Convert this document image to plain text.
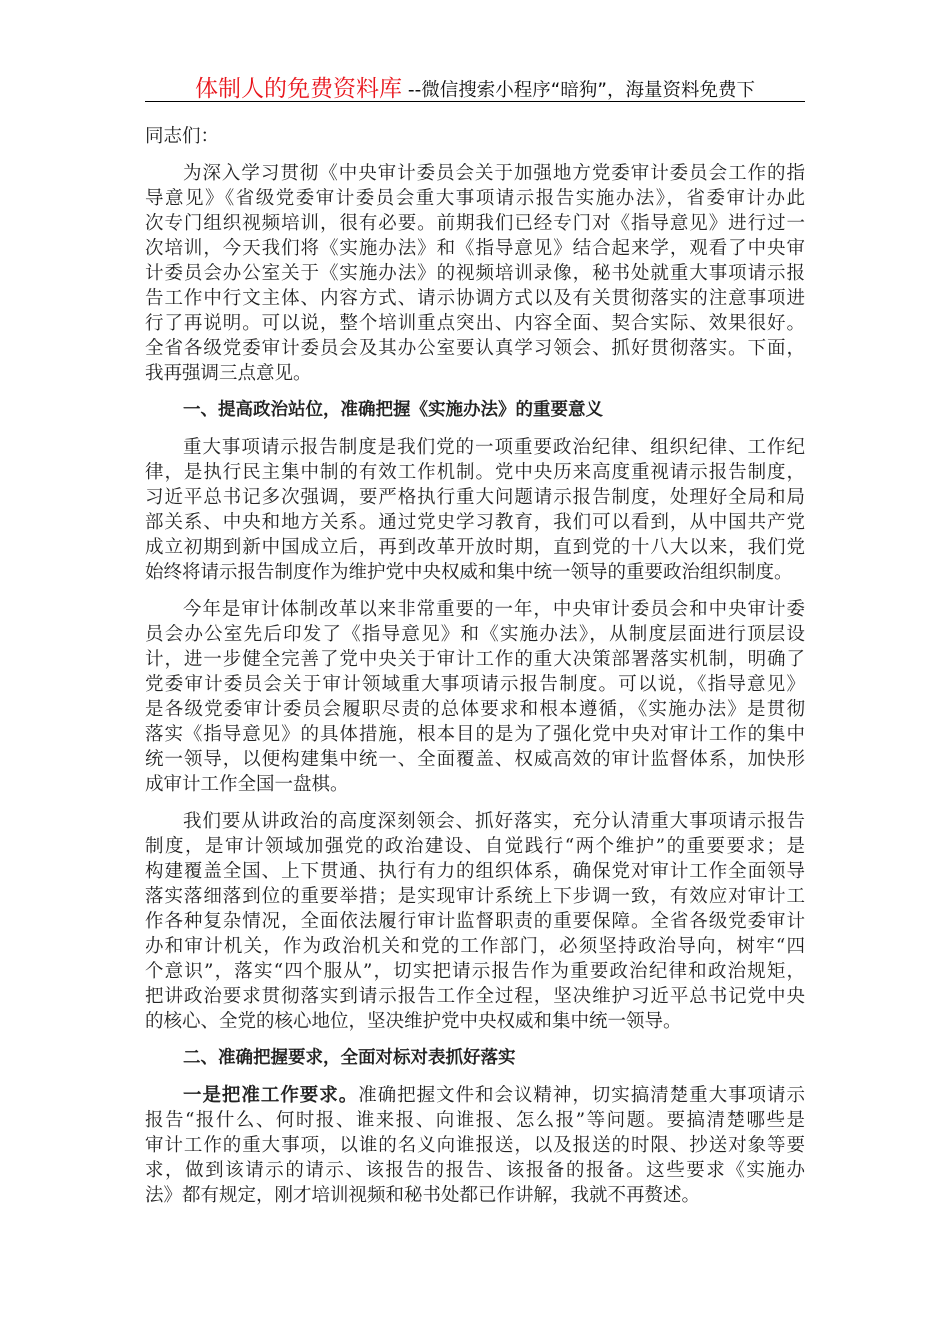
体制人的免费资料库 --微信搜索小程序“暗狗”，海量资料免费下
同志们：
为深入学习贯彻《中央审计委员会关于加强地方党委审计委员会工作的指
导意见》《省级党委审计委员会重大事项请示报告实施办法》，省委审计办此
次专门组织视频培训，很有必要。前期我们已经专门对《指导意见》进行过一
次培训，今天我们将《实施办法》和《指导意见》结合起来学，观看了中央审
计委员会办公室关于《实施办法》的视频培训录像，秘书处就重大事项请示报
告工作中行文主体、内容方式、请示协调方式以及有关贯彻落实的注意事项进
行了再说明。可以说，整个培训重点突出、内容全面、契合实际、效果很好。
全省各级党委审计委员会及其办公室要认真学习领会、抓好贯彻落实。下面，
我再强调三点意见。
一、提高政治站位，准确把握《实施办法》的重要意义
重大事项请示报告制度是我们党的一项重要政治纪律、组织纪律、工作纪
律，是执行民主集中制的有效工作机制。党中央历来高度重视请示报告制度，
习近平总书记多次强调，要严格执行重大问题请示报告制度，处理好全局和局
部关系、中央和地方关系。通过党史学习教育，我们可以看到，从中国共产党
成立初期到新中国成立后，再到改革开放时期，直到党的十八大以来，我们党
始终将请示报告制度作为维护党中央权威和集中统一领导的重要政治组织制度。
今年是审计体制改革以来非常重要的一年，中央审计委员会和中央审计委
员会办公室先后印发了《指导意见》和《实施办法》，从制度层面进行顶层设
计，进一步健全完善了党中央关于审计工作的重大决策部署落实机制，明确了
党委审计委员会关于审计领域重大事项请示报告制度。可以说，《指导意见》
是各级党委审计委员会履职尽责的总体要求和根本遵循，《实施办法》是贯彻
落实《指导意见》的具体措施，根本目的是为了强化党中央对审计工作的集中
统一领导，以便构建集中统一、全面覆盖、权威高效的审计监督体系，加快形
成审计工作全国一盘棋。
我们要从讲政治的高度深刻领会、抓好落实，充分认清重大事项请示报告
制度，是审计领域加强党的政治建设、自觉践行“两个维护”的重要要求；是
构建覆盖全国、上下贯通、执行有力的组织体系，确保党对审计工作全面领导
落实落细落到位的重要举措；是实现审计系统上下步调一致，有效应对审计工
作各种复杂情况，全面依法履行审计监督职责的重要保障。全省各级党委审计
办和审计机关，作为政治机关和党的工作部门，必须坚持政治导向，树牢“四
个意识”，落实“四个服从”，切实把请示报告作为重要政治纪律和政治规矩，
把讲政治要求贯彻落实到请示报告工作全过程，坚决维护习近平总书记党中央
的核心、全党的核心地位，坚决维护党中央权威和集中统一领导。
二、准确把握要求，全面对标对表抓好落实
一是把准工作要求。准确把握文件和会议精神，切实搞清楚重大事项请示
报告“报什么、何时报、谁来报、向谁报、怎么报”等问题。要搞清楚哪些是
审计工作的重大事项，以谁的名义向谁报送，以及报送的时限、抄送对象等要
求，做到该请示的请示、该报告的报告、该报备的报备。这些要求《实施办
法》都有规定，刚才培训视频和秘书处都已作讲解，我就不再赘述。
